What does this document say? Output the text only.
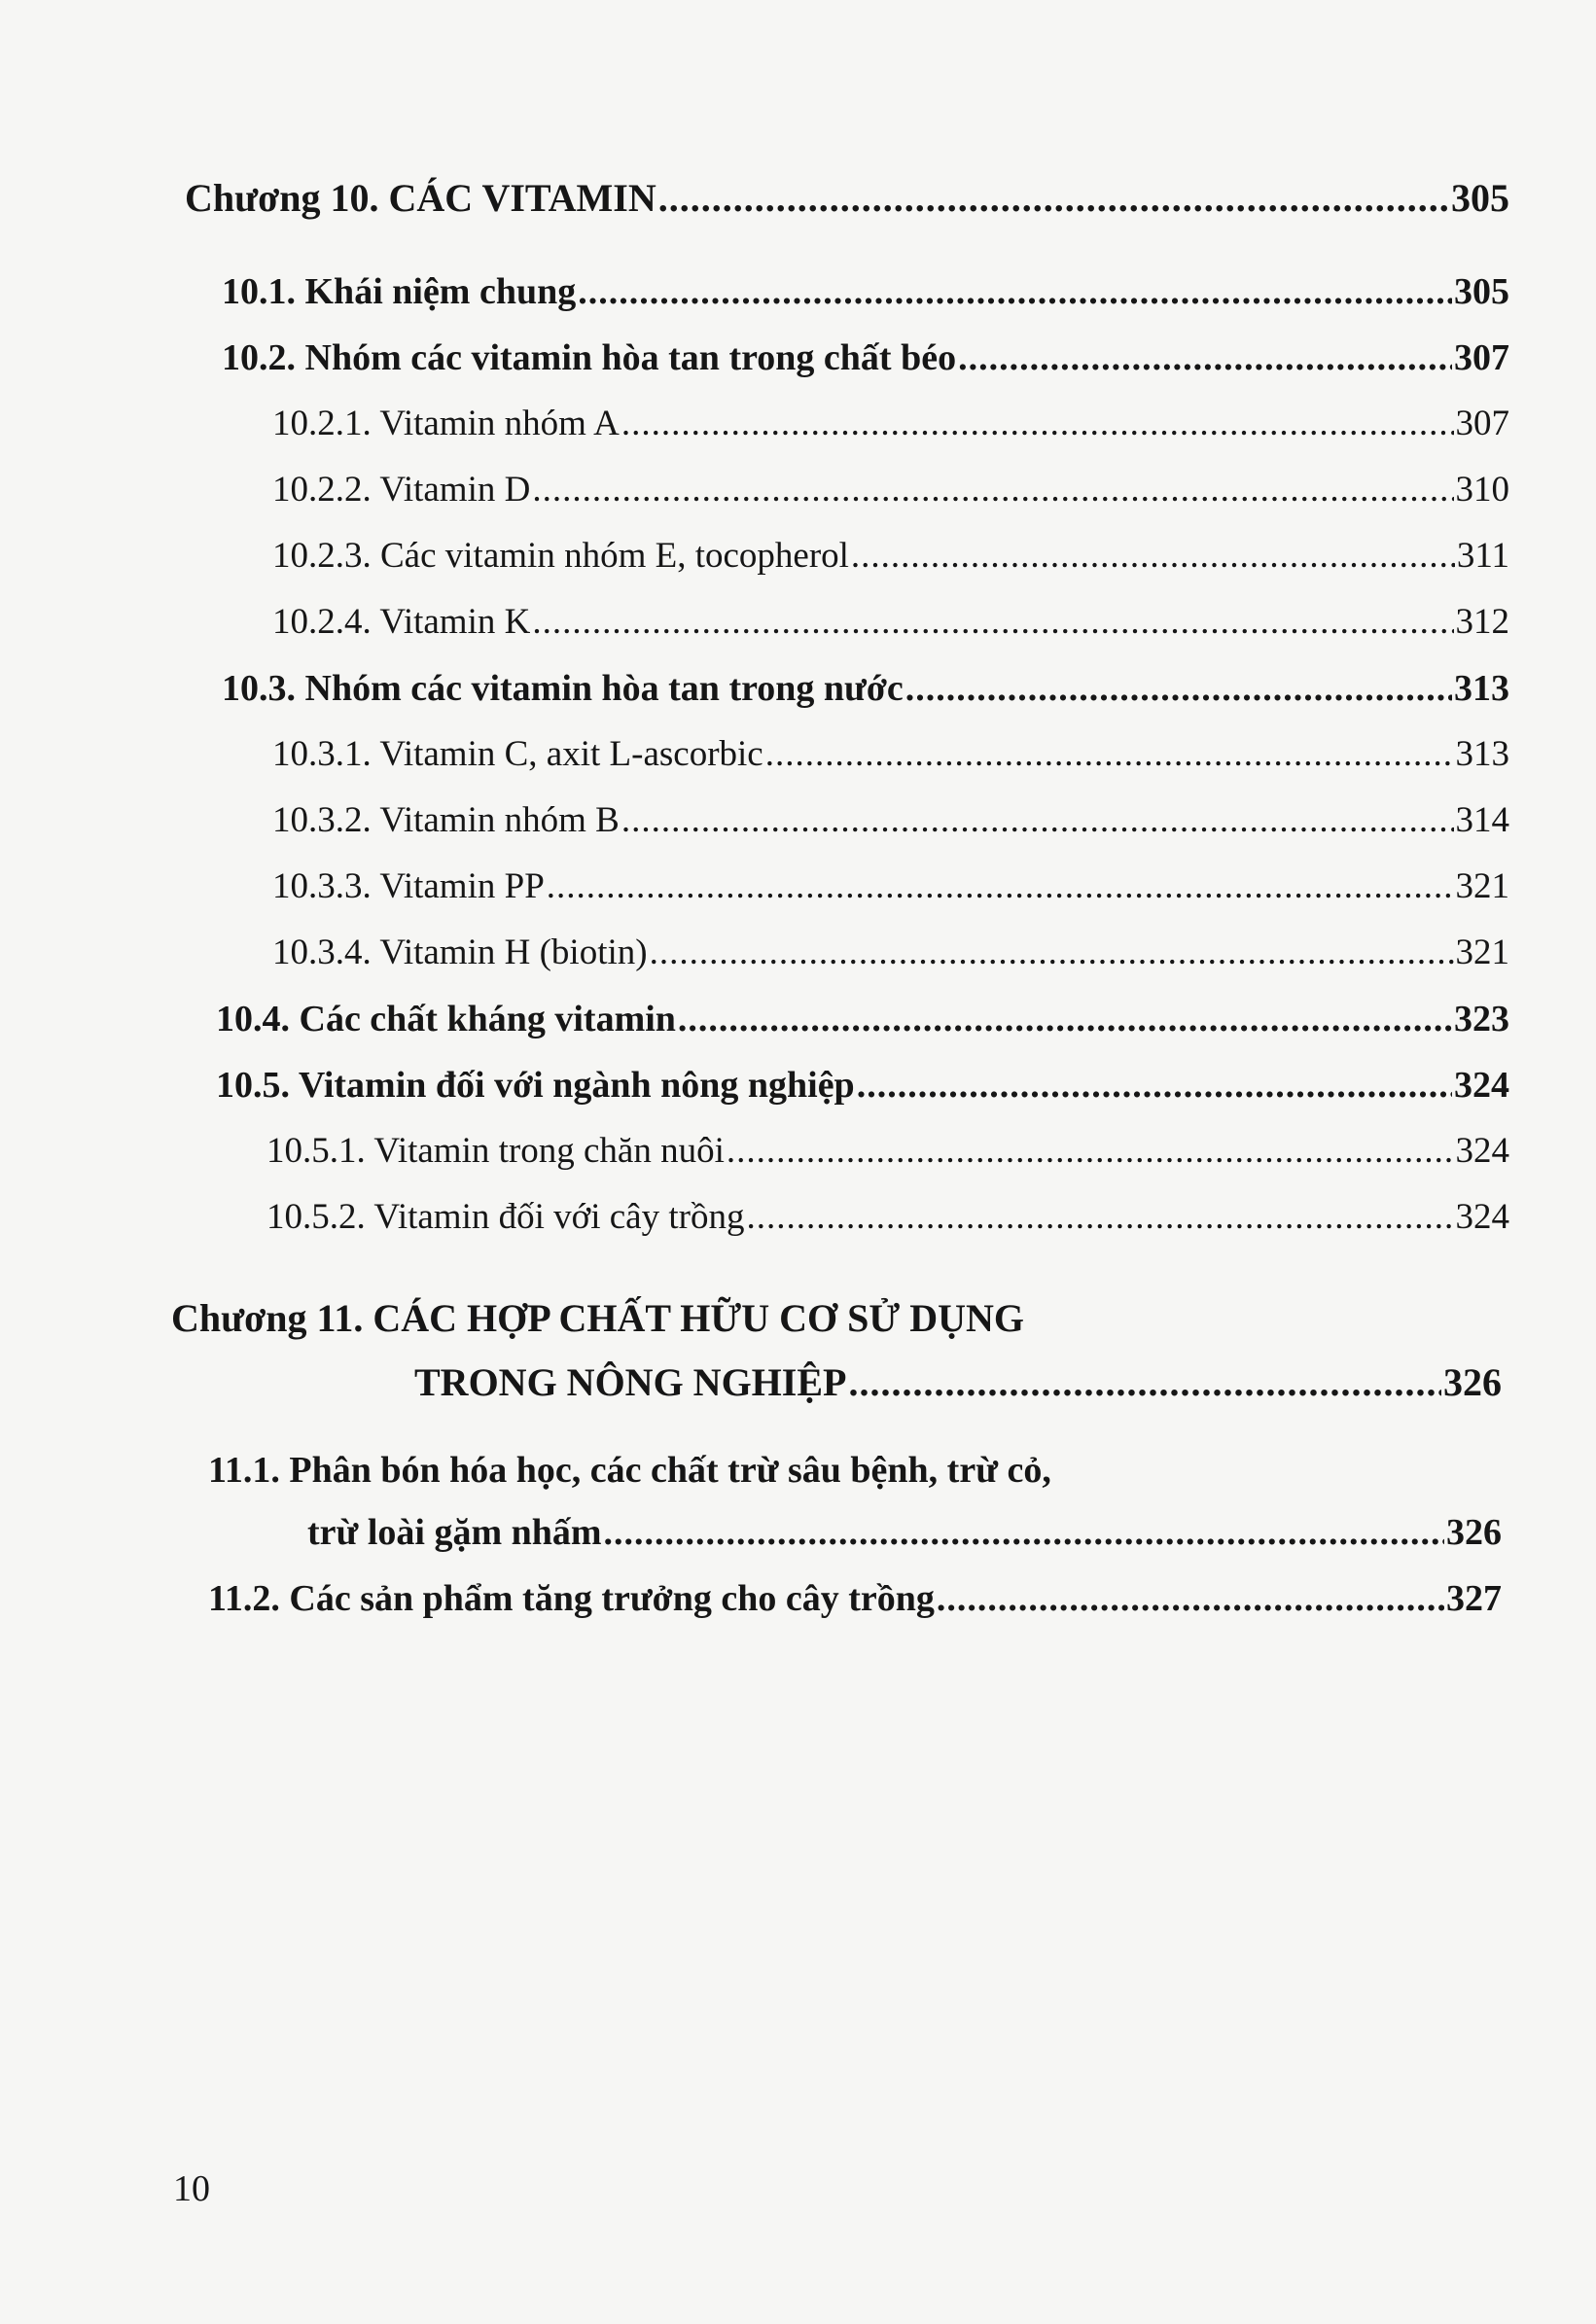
Chương 10. CÁC VITAMIN .....	305
10.1. Khái niệm chung .....	305
10.2. Nhóm các vitamin hòa tan trong chất béo .....	307
10.2.1. Vitamin nhóm A .....	307
10.2.2. Vitamin D .....	310
10.2.3. Các vitamin nhóm E, tocopherol .....	311
10.2.4. Vitamin K .....	312
10.3. Nhóm các vitamin hòa tan trong nước .....	313
10.3.1. Vitamin C, axit L-ascorbic .....	313
10.3.2. Vitamin nhóm B .....	314
10.3.3. Vitamin PP .....	321
10.3.4. Vitamin H (biotin) .....	321
10.4. Các chất kháng vitamin .....	323
10.5. Vitamin đối với ngành nông nghiệp .....	324
10.5.1. Vitamin trong chăn nuôi .....	324
10.5.2. Vitamin đối với cây trồng .....	324
Chương 11. CÁC HỢP CHẤT HỮU CƠ SỬ DỤNG
TRONG NÔNG NGHIỆP .....	326
11.1. Phân bón hóa học, các chất trừ sâu bệnh, trừ cỏ,
trừ loài gặm nhấm .....	326
11.2. Các sản phẩm tăng trưởng cho cây trồng .....	327
10
